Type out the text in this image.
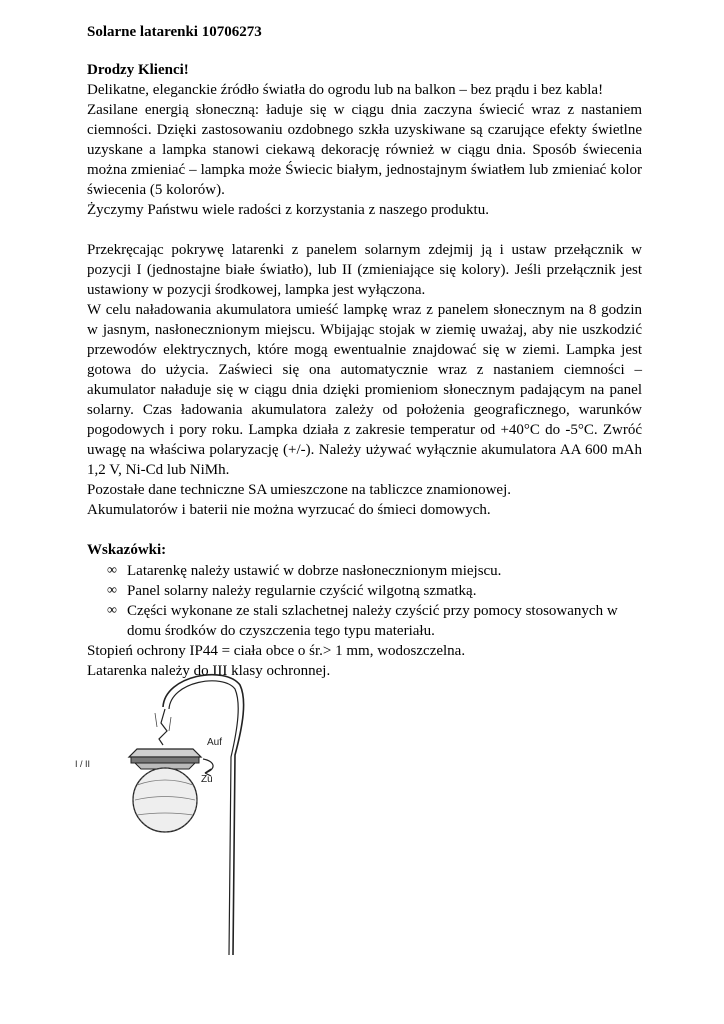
Solarne latarenki 10706273
Drodzy Klienci!

Delikatne, eleganckie źródło światła do ogrodu lub na balkon – bez prądu i bez kabla!

Zasilane energią słoneczną: ładuje się w ciągu dnia zaczyna świecić wraz z nastaniem ciemności. Dzięki zastosowaniu ozdobnego szkła uzyskiwane są czarujące efekty świetlne uzyskane a lampka stanowi ciekawą dekorację również w ciągu dnia. Sposób świecenia można zmieniać – lampka może Świecic białym, jednostajnym światłem lub zmieniać kolor świecenia (5 kolorów).

Życzymy Państwu wiele radości z korzystania z naszego produktu.

Przekręcając pokrywę latarenki z panelem solarnym zdejmij ją i ustaw przełącznik w pozycji I (jednostajne białe światło), lub II (zmieniające się kolory). Jeśli przełącznik jest ustawiony w pozycji środkowej, lampka jest wyłączona.

W celu naładowania akumulatora umieść lampkę wraz z panelem słonecznym na 8 godzin w jasnym, nasłonecznionym miejscu. Wbijając stojak w ziemię uważaj, aby nie uszkodzić przewodów elektrycznych, które mogą ewentualnie znajdować się w ziemi. Lampka jest gotowa do użycia. Zaświeci się ona automatycznie wraz z nastaniem ciemności – akumulator naładuje się w ciągu dnia dzięki promieniom słonecznym padającym na panel solarny. Czas ładowania akumulatora zależy od położenia geograficznego, warunków pogodowych i pory roku. Lampka działa z zakresie temperatur od +40°C do -5°C. Zwróć uwagę na właściwa polaryzację (+/-). Należy używać wyłącznie akumulatora AA 600 mAh 1,2 V, Ni-Cd lub NiMh.

Pozostałe dane techniczne SA umieszczone na tabliczce znamionowej.

Akumulatorów i baterii nie można wyrzucać do śmieci domowych.

Wskazówki:
∞ Latarenkę należy ustawić w dobrze nasłonecznionym miejscu.
∞ Panel solarny należy regularnie czyścić wilgotną szmatką.
∞ Części wykonane ze stali szlachetnej należy czyścić przy pomocy stosowanych w domu środków do czyszczenia tego typu materiału.

Stopień ochrony IP44 = ciała obce o śr.> 1 mm, wodoszczelna.

Latarenka należy do III klasy ochronnej.

Auf
Zu
I / II
